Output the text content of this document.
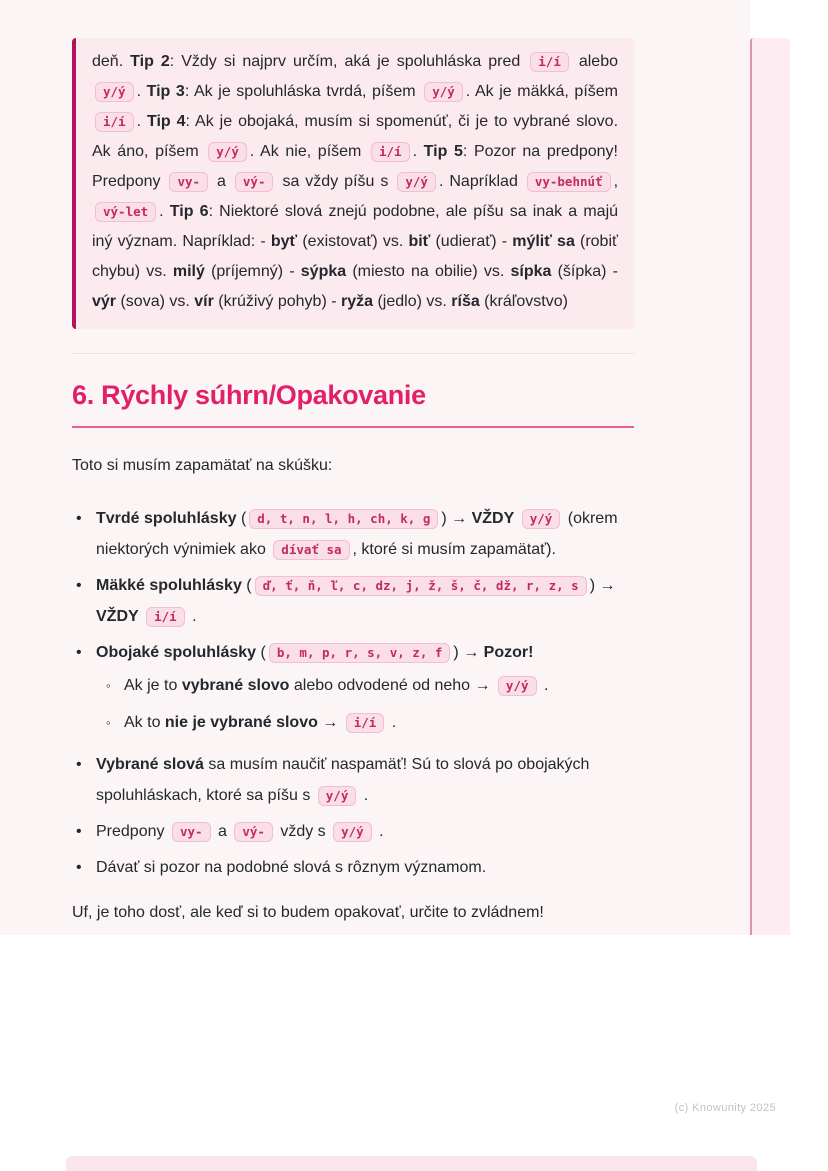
deň. Tip 2: Vždy si najprv určím, aká je spoluhláska pred i/í alebo y/ý . Tip 3: Ak je spoluhláska tvrdá, píšem y/ý . Ak je mäkká, píšem i/í . Tip 4: Ak je obojaká, musím si spomenúť, či je to vybrané slovo. Ak áno, píšem y/ý . Ak nie, píšem i/í . Tip 5: Pozor na predpony! Predpony vy- a vý- sa vždy píšu s y/ý . Napríklad vy-behnúť , vý-let . Tip 6: Niektoré slová znejú podobne, ale píšu sa inak a majú iný význam. Napríklad: - byť (existovať) vs. biť (udierať) - mýliť sa (robiť chybu) vs. milý (príjemný) - sýpka (miesto na obilie) vs. sípka (šípka) - výr (sova) vs. vír (krúživý pohyb) - ryža (jedlo) vs. ríša (kráľovstvo)
6. Rýchly súhrn/Opakovanie

Toto si musím zapamätať na skúšku:

• Tvrdé spoluhlásky ( d, t, n, l, h, ch, k, g ) → VŽDY y/ý (okrem niektorých výnimiek ako dívať sa , ktoré si musím zapamätať).
• Mäkké spoluhlásky ( ď, ť, ň, ľ, c, dz, j, ž, š, č, dž, r, z, s ) → VŽDY i/í .
• Obojaké spoluhlásky ( b, m, p, r, s, v, z, f ) → Pozor!
◦ Ak je to vybrané slovo alebo odvodené od neho → y/ý .
◦ Ak to nie je vybrané slovo → i/í .
• Vybrané slová sa musím naučiť naspamäť! Sú to slová po obojakých spoluhláskach, ktoré sa píšu s y/ý .
• Predpony vy- a vý- vždy s y/ý .
• Dávať si pozor na podobné slová s rôznym významom.

Uf, je toho dosť, ale keď si to budem opakovať, určite to zvládnem!

(c) Knowunity 2025
